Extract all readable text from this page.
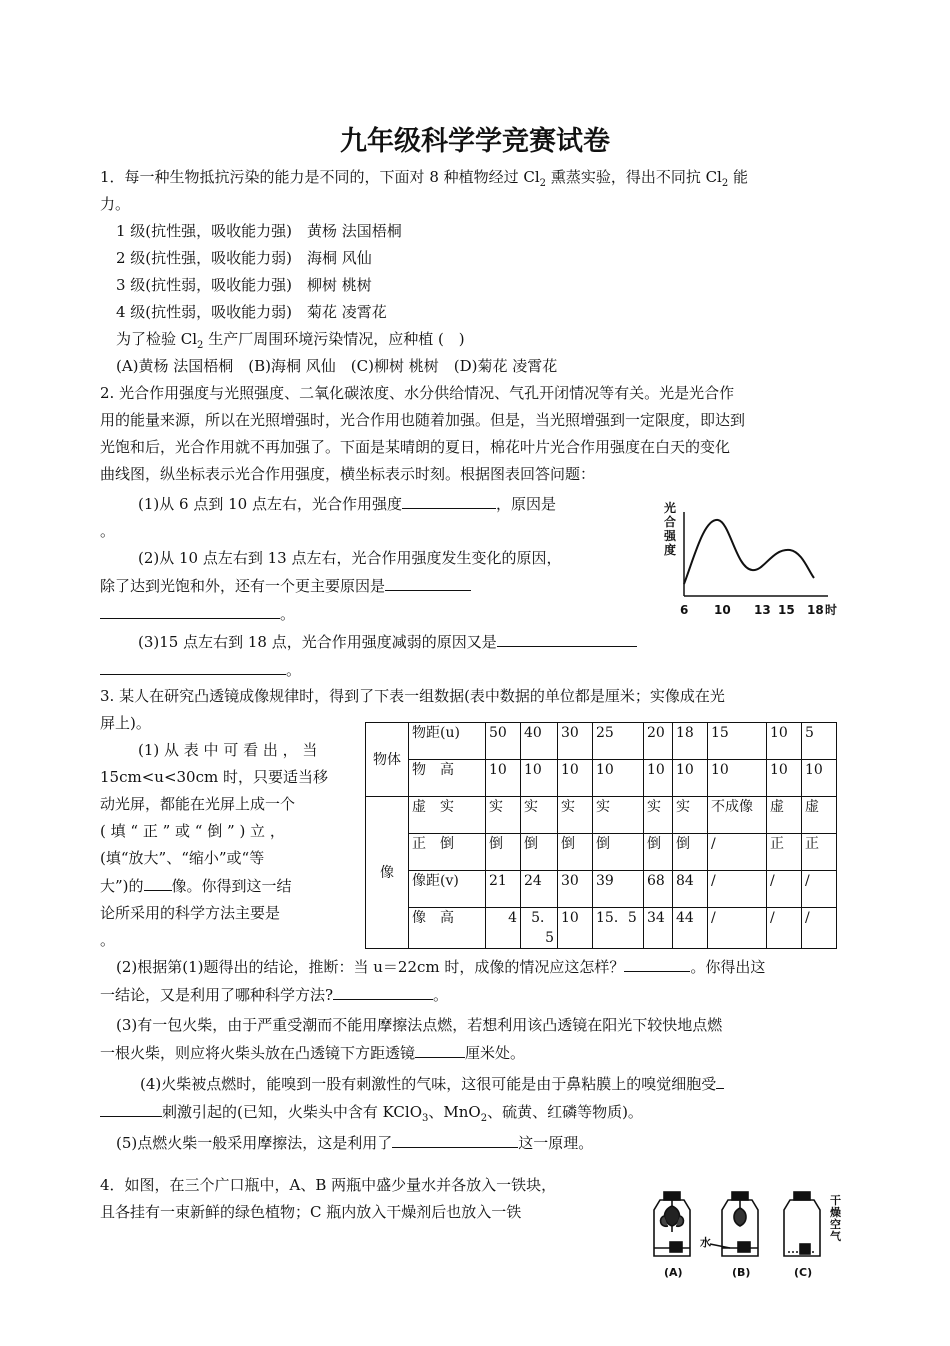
九年级科学学竞赛试卷

1．每一种生物抵抗污染的能力是不同的，下面对 8 种植物经过 $Cl_2$ 熏蒸实验，得出不同抗 $Cl_2$ 能

力。

1 级(抗性强，吸收能力强)　黄杨 法国梧桐

2 级(抗性强，吸收能力弱)　海桐 风仙

3 级(抗性弱，吸收能力强)　柳树 桃树

4 级(抗性弱，吸收能力弱)　菊花 凌霄花

为了检验 $Cl_2$ 生产厂周围环境污染情况，应种植 (　)

(A)黄杨 法国梧桐　(B)海桐 风仙　(C)柳树 桃树　(D)菊花 凌霄花

2. 光合作用强度与光照强度、二氧化碳浓度、水分供给情况、气孔开闭情况等有关。光是光合作

用的能量来源，所以在光照增强时，光合作用也随着加强。但是，当光照增强到一定限度，即达到

光饱和后，光合作用就不再加强了。下面是某晴朗的夏日，棉花叶片光合作用强度在白天的变化

曲线图，纵坐标表示光合作用强度，横坐标表示时刻。根据图表回答问题：

(1)从 6 点到 10 点左右，光合作用强度	，原因是

。

(2)从 10 点左右到 13 点左右，光合作用强度发生变化的原因，

除了达到光饱和外，还有一个更主要原因是

。

(3)15 点左右到 18 点，光合作用强度减弱的原因又是

。

光
合
强
度
6 10 13 15 18 时

3. 某人在研究凸透镜成像规律时，得到了下表一组数据(表中数据的单位都是厘米；实像成在光

屏上)。

(1) 从 表 中 可 看 出 ， 当

15cm<u<30cm 时，只要适当移

动光屏，都能在光屏上成一个

( 填 “ 正 ” 或 “ 倒 ” ) 立 ，

(填“放大”、“缩小”或“等

大”)的 像。你得到这一结

论所采用的科学方法主要是

。

物体	物距(u)	50	40	30	25	20	18	15	10	5
	物　高	10	10	10	10	10	10	10	10	10
像	虚　实	实	实	实	实	实	实	不成像	虚	虚
	正　倒	倒	倒	倒	倒	倒	倒	/	正	正
	像距(v)	21	24	30	39	68	84	/	/	/
	像　高	4	5．5	10	15．5	34	44	/	/	/

(2)根据第(1)题得出的结论，推断：当 u＝22cm 时，成像的情况应这怎样？	。你得出这

一结论，又是利用了哪种科学方法?	。

(3)有一包火柴，由于严重受潮而不能用摩擦法点燃，若想利用该凸透镜在阳光下较快地点燃

一根火柴，则应将火柴头放在凸透镜下方距透镜	厘米处。

(4)火柴被点燃时，能嗅到一股有刺激性的气味，这很可能是由于鼻粘膜上的嗅觉细胞受

刺激引起的(已知，火柴头中含有 KClO$_3$、MnO$_2$、硫黄、红磷等物质)。

(5)点燃火柴一般采用摩擦法，这是利用了	这一原理。

4．如图，在三个广口瓶中，A、B 两瓶中盛少量水并各放入一铁块，

且各挂有一束新鲜的绿色植物；C 瓶内放入干燥剂后也放入一铁

水
干
燥
空
气
(A)	(B)	(C)
